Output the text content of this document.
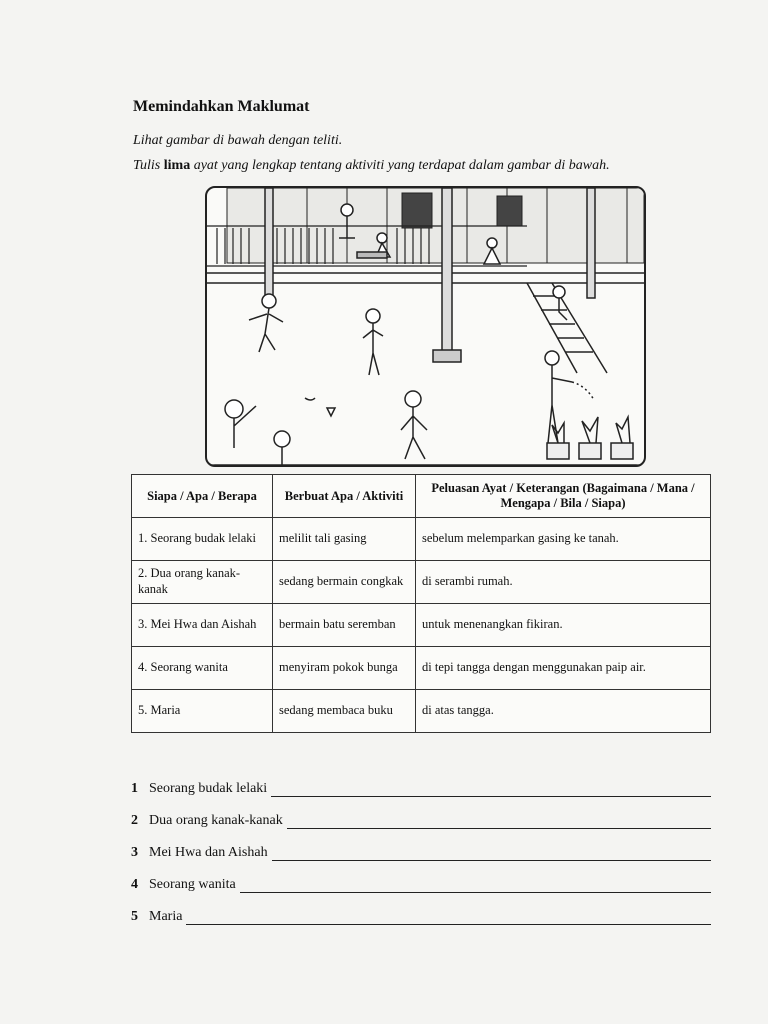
Memindahkan Maklumat
Lihat gambar di bawah dengan teliti.
Tulis lima ayat yang lengkap tentang aktiviti yang terdapat dalam gambar di bawah.
Siapa / Apa / Berapa	Berbuat Apa / Aktiviti	Peluasan Ayat / Keterangan (Bagaimana / Mana / Mengapa / Bila / Siapa)
1. Seorang budak lelaki	melilit tali gasing	sebelum melemparkan gasing ke tanah.
2. Dua orang kanak-kanak	sedang bermain congkak	di serambi rumah.
3. Mei Hwa dan Aishah	bermain batu seremban	untuk menenangkan fikiran.
4. Seorang wanita	menyiram pokok bunga	di tepi tangga dengan menggunakan paip air.
5. Maria	sedang membaca buku	di atas tangga.
1 Seorang budak lelaki
2 Dua orang kanak-kanak
3 Mei Hwa dan Aishah
4 Seorang wanita
5 Maria
